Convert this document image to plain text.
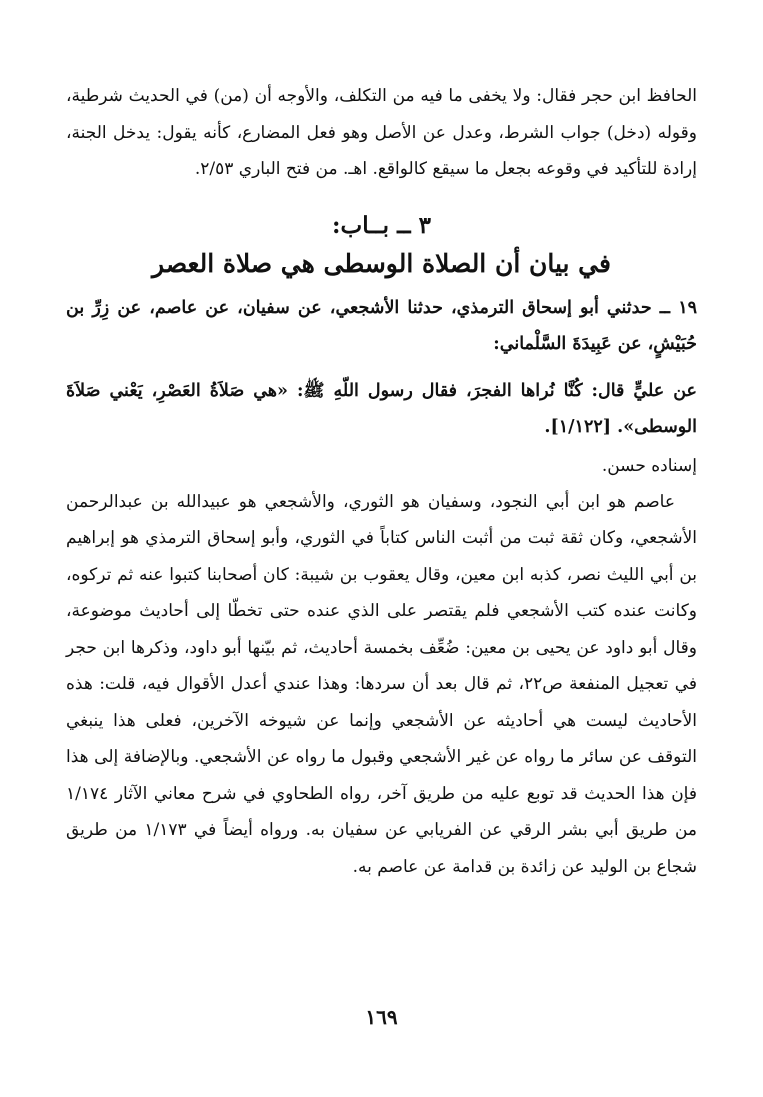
الحافظ ابن حجر فقال: ولا يخفى ما فيه من التكلف، والأوجه أن (من) في الحديث شرطية، وقوله (دخل) جواب الشرط، وعدل عن الأصل وهو فعل المضارع، كأنه يقول: يدخل الجنة، إرادة للتأكيد في وقوعه بجعل ما سيقع كالواقع. اهـ. من فتح الباري ٢/٥٣.

٣ ــ بــاب:
في بيان أن الصلاة الوسطى هي صلاة العصر

١٩ ــ حدثني أبو إسحاق الترمذي، حدثنا الأشجعي، عن سفيان، عن عاصم، عن زِرِّ بن حُبَيْشٍ، عن عَبِيدَةَ السَّلْماني:

عن عليٍّ قال: كُنَّا نُراها الفجرَ، فقال رسول اللّهِ ﷺ: «هي صَلاَةُ العَصْرِ، يَعْني صَلاَةَ الوسطى». [١/١٢٢].

إسناده حسن.

عاصم هو ابن أبي النجود، وسفيان هو الثوري، والأشجعي هو عبيدالله بن عبدالرحمن الأشجعي، وكان ثقة ثبت من أثبت الناس كتاباً في الثوري، وأبو إسحاق الترمذي هو إبراهيم بن أبي الليث نصر، كذبه ابن معين، وقال يعقوب بن شيبة: كان أصحابنا كتبوا عنه ثم تركوه، وكانت عنده كتب الأشجعي فلم يقتصر على الذي عنده حتى تخطّا إلى أحاديث موضوعة، وقال أبو داود عن يحيى بن معين: ضُعِّف بخمسة أحاديث، ثم بيّنها أبو داود، وذكرها ابن حجر في تعجيل المنفعة ص٢٢، ثم قال بعد أن سردها: وهذا عندي أعدل الأقوال فيه، قلت: هذه الأحاديث ليست هي أحاديثه عن الأشجعي وإنما عن شيوخه الآخرين، فعلى هذا ينبغي التوقف عن سائر ما رواه عن غير الأشجعي وقبول ما رواه عن الأشجعي. وبالإضافة إلى هذا فإن هذا الحديث قد توبع عليه من طريق آخر، رواه الطحاوي في شرح معاني الآثار ١/١٧٤ من طريق أبي بشر الرقي عن الفريابي عن سفيان به. ورواه أيضاً في ١/١٧٣ من طريق شجاع بن الوليد عن زائدة بن قدامة عن عاصم به.

١٦٩
